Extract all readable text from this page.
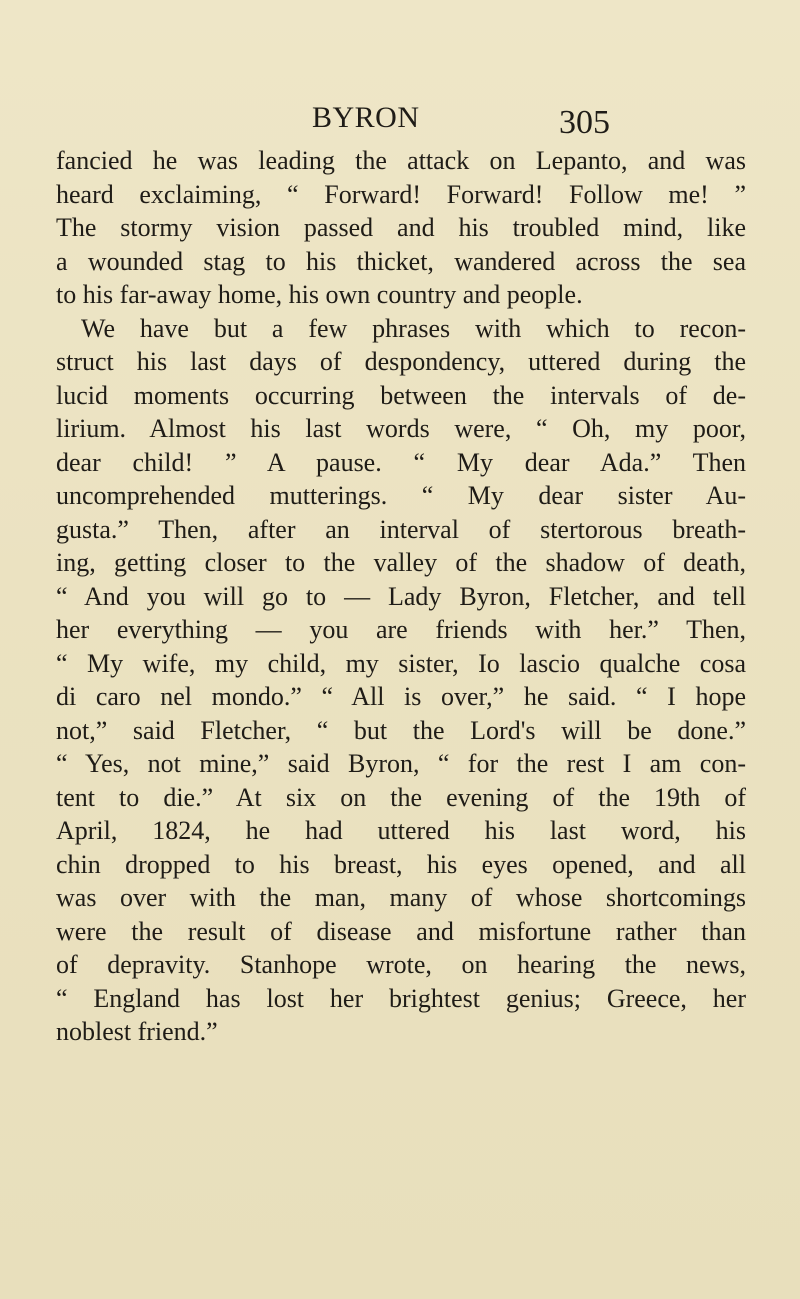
BYRON	305
fancied he was leading the attack on Lepanto, and was
heard exclaiming, “ Forward! Forward! Follow me! ”
The stormy vision passed and his troubled mind, like
a wounded stag to his thicket, wandered across the sea
to his far-away home, his own country and people.
We have but a few phrases with which to recon-
struct his last days of despondency, uttered during the
lucid moments occurring between the intervals of de-
lirium. Almost his last words were, “ Oh, my poor,
dear child! ” A pause. “ My dear Ada.” Then
uncomprehended mutterings. “ My dear sister Au-
gusta.” Then, after an interval of stertorous breath-
ing, getting closer to the valley of the shadow of death,
“ And you will go to — Lady Byron, Fletcher, and tell
her everything — you are friends with her.” Then,
“ My wife, my child, my sister, Io lascio qualche cosa
di caro nel mondo.” “ All is over,” he said. “ I hope
not,” said Fletcher, “ but the Lord's will be done.”
“ Yes, not mine,” said Byron, “ for the rest I am con-
tent to die.” At six on the evening of the 19th of
April, 1824, he had uttered his last word, his
chin dropped to his breast, his eyes opened, and all
was over with the man, many of whose shortcomings
were the result of disease and misfortune rather than
of depravity. Stanhope wrote, on hearing the news,
“ England has lost her brightest genius; Greece, her
noblest friend.”
